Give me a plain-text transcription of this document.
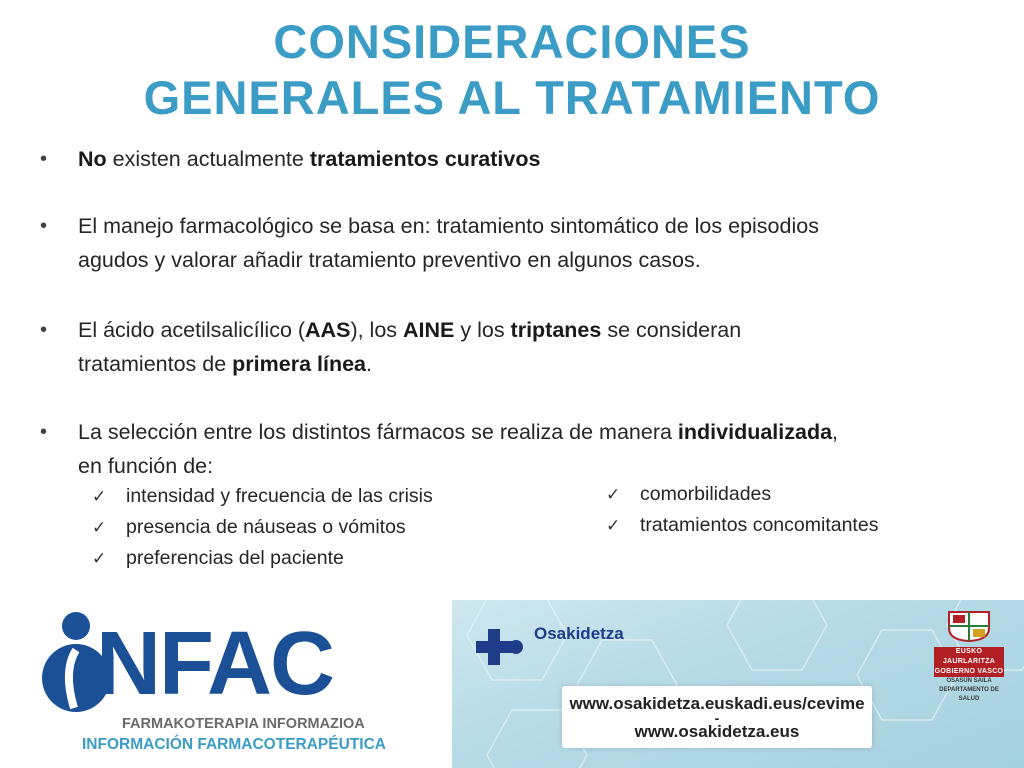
CONSIDERACIONES
GENERALES AL TRATAMIENTO
• No existen actualmente tratamientos curativos

• El manejo farmacológico se basa en: tratamiento sintomático de los episodios

agudos y valorar añadir tratamiento preventivo en algunos casos.

• El ácido acetilsalicílico (AAS), los AINE y los triptanes se consideran

tratamientos de primera línea.

• La selección entre los distintos fármacos se realiza de manera individualizada,

en función de:

✓	intensidad y frecuencia de las crisis
✓	presencia de náuseas o vómitos
✓	preferencias del paciente
✓	comorbilidades
✓	tratamientos concomitantes
i NFAC
FARMAKOTERAPIA INFORMAZIOA
INFORMACIÓN FARMACOTERAPÉUTICA
Osakidetza
www.osakidetza.euskadi.eus/cevime
-
www.osakidetza.eus
EUSKO JAURLARITZA
GOBIERNO VASCO
OSASUN SAILA
DEPARTAMENTO DE SALUD
